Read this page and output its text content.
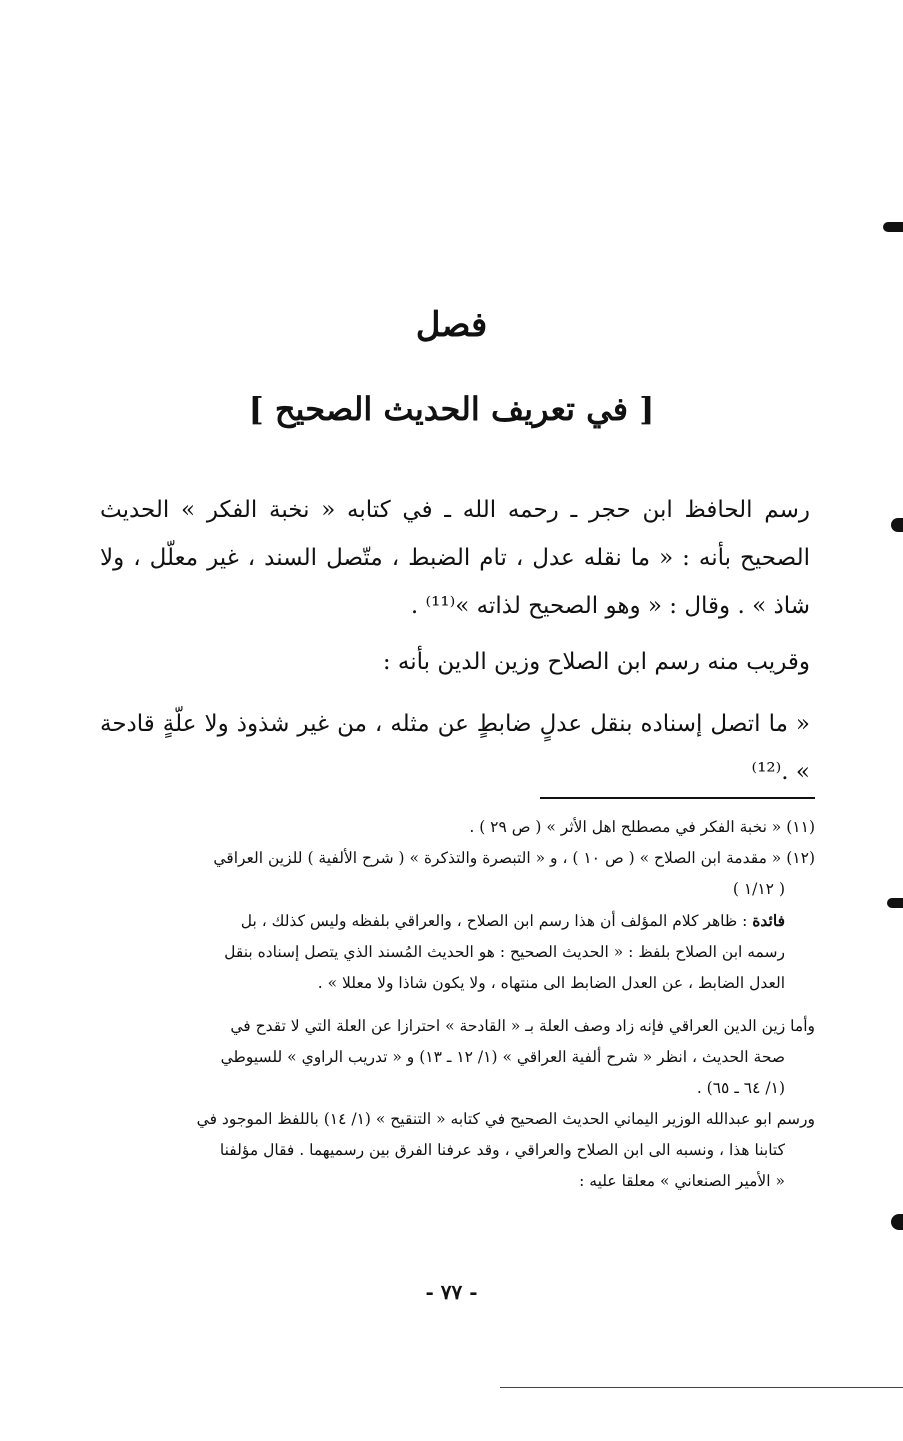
فصل
[ في تعريف الحديث الصحيح ]
رسم الحافظ ابن حجر ـ رحمه الله ـ في كتابه « نخبة الفكر » الحديث الصحيح بأنه : « ما نقله عدل ، تام الضبط ، متّصل السند ، غير معلّل ، ولا شاذ » . وقال : « وهو الصحيح لذاته »⁽¹¹⁾ .
وقريب منه رسم ابن الصلاح وزين الدين بأنه :
« ما اتصل إسناده بنقل عدلٍ ضابطٍ عن مثله ، من غير شذوذ ولا علّةٍ قادحة » .⁽¹²⁾
(١١) « نخبة الفكر في مصطلح اهل الأثر » ( ص ٢٩ ) .
(١٢) « مقدمة ابن الصلاح » ( ص ١٠ ) ، و « التبصرة والتذكرة » ( شرح الألفية ) للزين العراقي
( ١/١٢ )
فائدة : ظاهر كلام المؤلف أن هذا رسم ابن الصلاح ، والعراقي بلفظه وليس كذلك ، بل
رسمه ابن الصلاح بلفظ : « الحديث الصحيح : هو الحديث المُسند الذي يتصل إسناده بنقل
العدل الضابط ، عن العدل الضابط الى منتهاه ، ولا يكون شاذا ولا معللا » .
وأما زين الدين العراقي فإنه زاد وصف العلة بـ « القادحة » احترازا عن العلة التي لا تقدح في
صحة الحديث ، انظر « شرح ألفية العراقي » (١/ ١٢ ـ ١٣) و « تدريب الراوي » للسيوطي
(١/ ٦٤ ـ ٦٥) .
ورسم ابو عبدالله الوزير اليماني الحديث الصحيح في كتابه « التنقيح » (١/ ١٤) باللفظ الموجود في
كتابنا هذا ، ونسبه الى ابن الصلاح والعراقي ، وقد عرفنا الفرق بين رسميهما . فقال مؤلفنا
« الأمير الصنعاني » معلقا عليه :
- ٧٧ -
